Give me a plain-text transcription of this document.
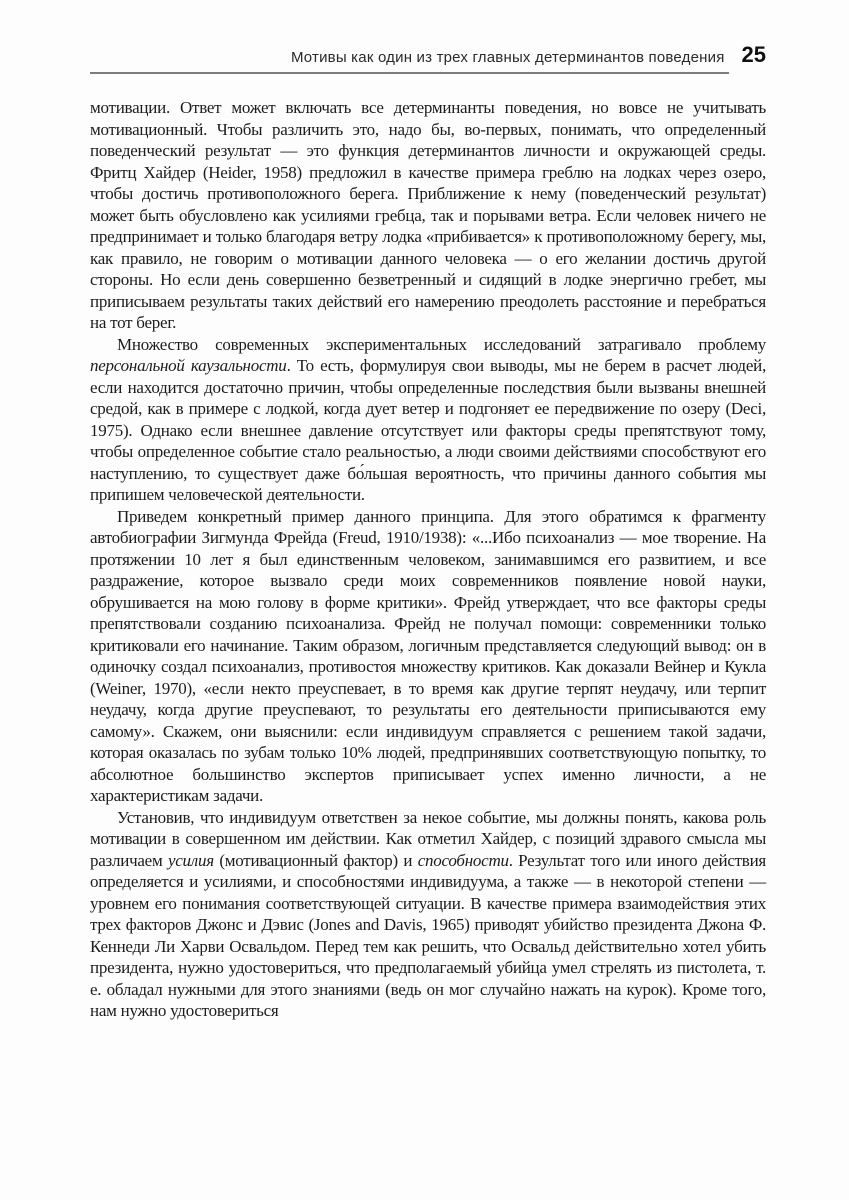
Мотивы как один из трех главных детерминантов поведения 25

мотивации. Ответ может включать все детерминанты поведения, но вовсе не учитывать мотивационный. Чтобы различить это, надо бы, во-первых, понимать, что определенный поведенческий результат — это функция детерминантов личности и окружающей среды. Фритц Хайдер (Heider, 1958) предложил в качестве примера греблю на лодках через озеро, чтобы достичь противоположного берега. Приближение к нему (поведенческий результат) может быть обусловлено как усилиями гребца, так и порывами ветра. Если человек ничего не предпринимает и только благодаря ветру лодка «прибивается» к противоположному берегу, мы, как правило, не говорим о мотивации данного человека — о его желании достичь другой стороны. Но если день совершенно безветренный и сидящий в лодке энергично гребет, мы приписываем результаты таких действий его намерению преодолеть расстояние и перебраться на тот берег.

Множество современных экспериментальных исследований затрагивало проблему персональной каузальности. То есть, формулируя свои выводы, мы не берем в расчет людей, если находится достаточно причин, чтобы определенные последствия были вызваны внешней средой, как в примере с лодкой, когда дует ветер и подгоняет ее передвижение по озеру (Deci, 1975). Однако если внешнее давление отсутствует или факторы среды препятствуют тому, чтобы определенное событие стало реальностью, а люди своими действиями способствуют его наступлению, то существует даже бо́льшая вероятность, что причины данного события мы припишем человеческой деятельности.

Приведем конкретный пример данного принципа. Для этого обратимся к фрагменту автобиографии Зигмунда Фрейда (Freud, 1910/1938): «...Ибо психоанализ — мое творение. На протяжении 10 лет я был единственным человеком, занимавшимся его развитием, и все раздражение, которое вызвало среди моих современников появление новой науки, обрушивается на мою голову в форме критики». Фрейд утверждает, что все факторы среды препятствовали созданию психоанализа. Фрейд не получал помощи: современники только критиковали его начинание. Таким образом, логичным представляется следующий вывод: он в одиночку создал психоанализ, противостоя множеству критиков. Как доказали Вейнер и Кукла (Weiner, 1970), «если некто преуспевает, в то время как другие терпят неудачу, или терпит неудачу, когда другие преуспевают, то результаты его деятельности приписываются ему самому». Скажем, они выяснили: если индивидуум справляется с решением такой задачи, которая оказалась по зубам только 10% людей, предпринявших соответствующую попытку, то абсолютное большинство экспертов приписывает успех именно личности, а не характеристикам задачи.

Установив, что индивидуум ответствен за некое событие, мы должны понять, какова роль мотивации в совершенном им действии. Как отметил Хайдер, с позиций здравого смысла мы различаем усилия (мотивационный фактор) и способности. Результат того или иного действия определяется и усилиями, и способностями индивидуума, а также — в некоторой степени — уровнем его понимания соответствующей ситуации. В качестве примера взаимодействия этих трех факторов Джонс и Дэвис (Jones and Davis, 1965) приводят убийство президента Джона Ф. Кеннеди Ли Харви Освальдом. Перед тем как решить, что Освальд действительно хотел убить президента, нужно удостовериться, что предполагаемый убийца умел стрелять из пистолета, т. е. обладал нужными для этого знаниями (ведь он мог случайно нажать на курок). Кроме того, нам нужно удостовериться
